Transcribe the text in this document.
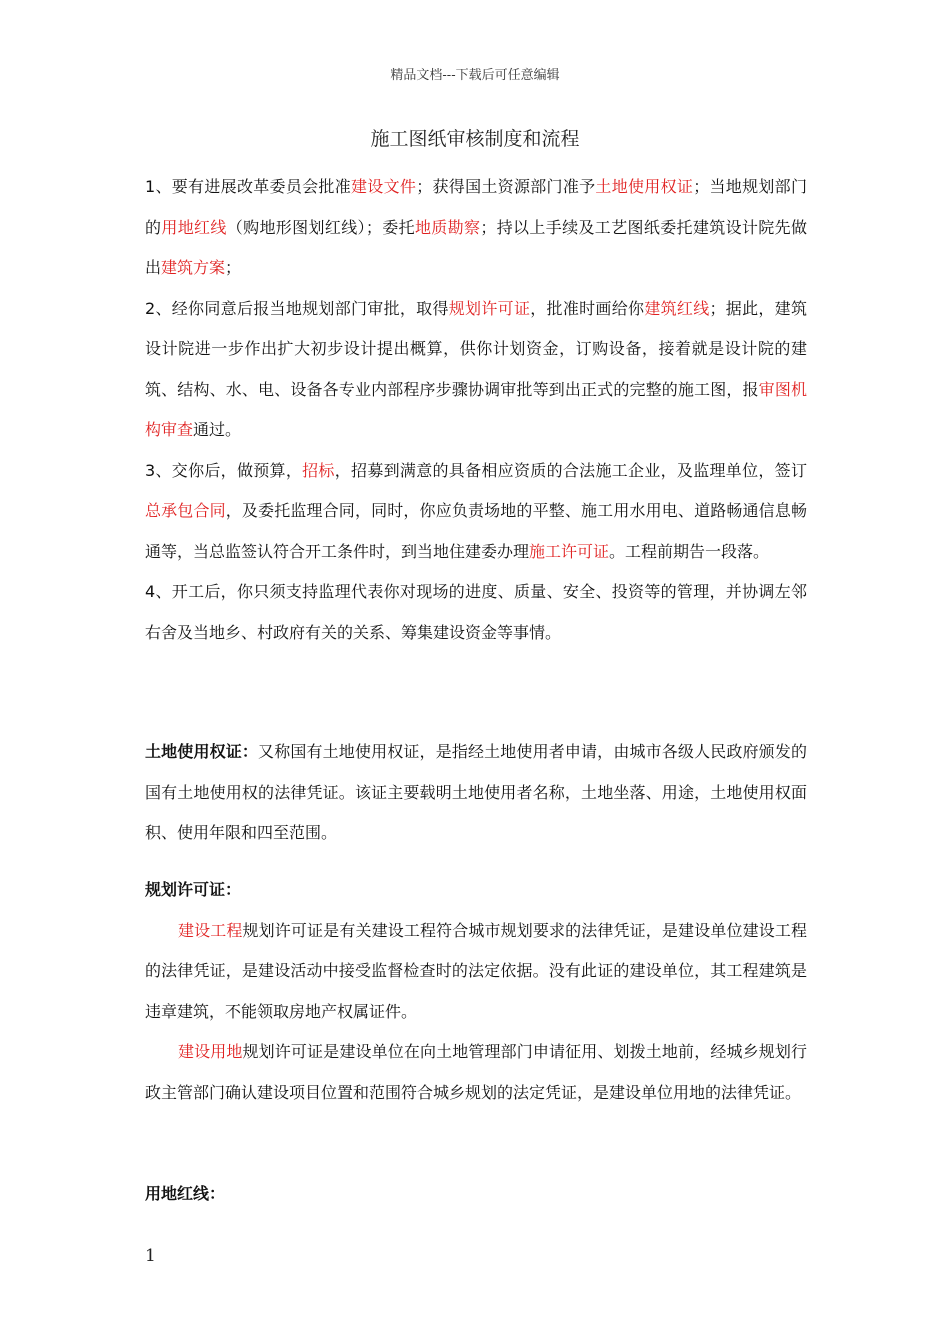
精品文档---下载后可任意编辑
施工图纸审核制度和流程

1、要有进展改革委员会批准建设文件；获得国土资源部门准予土地使用权证；当地规划部门的用地红线（购地形图划红线）；委托地质勘察；持以上手续及工艺图纸委托建筑设计院先做出建筑方案；

2、经你同意后报当地规划部门审批，取得规划许可证，批准时画给你建筑红线；据此，建筑设计院进一步作出扩大初步设计提出概算，供你计划资金，订购设备，接着就是设计院的建筑、结构、水、电、设备各专业内部程序步骤协调审批等到出正式的完整的施工图，报审图机构审查通过。

3、交你后，做预算，招标，招募到满意的具备相应资质的合法施工企业，及监理单位，签订总承包合同，及委托监理合同，同时，你应负责场地的平整、施工用水用电、道路畅通信息畅通等，当总监签认符合开工条件时，到当地住建委办理施工许可证。工程前期告一段落。

4、开工后，你只须支持监理代表你对现场的进度、质量、安全、投资等的管理，并协调左邻右舍及当地乡、村政府有关的关系、筹集建设资金等事情。

土地使用权证：又称国有土地使用权证，是指经土地使用者申请，由城市各级人民政府颁发的国有土地使用权的法律凭证。该证主要载明土地使用者名称，土地坐落、用途，土地使用权面积、使用年限和四至范围。

规划许可证：

建设工程规划许可证是有关建设工程符合城市规划要求的法律凭证，是建设单位建设工程的法律凭证，是建设活动中接受监督检查时的法定依据。没有此证的建设单位，其工程建筑是违章建筑，不能领取房地产权属证件。

建设用地规划许可证是建设单位在向土地管理部门申请征用、划拨土地前，经城乡规划行政主管部门确认建设项目位置和范围符合城乡规划的法定凭证，是建设单位用地的法律凭证。

用地红线：

1
